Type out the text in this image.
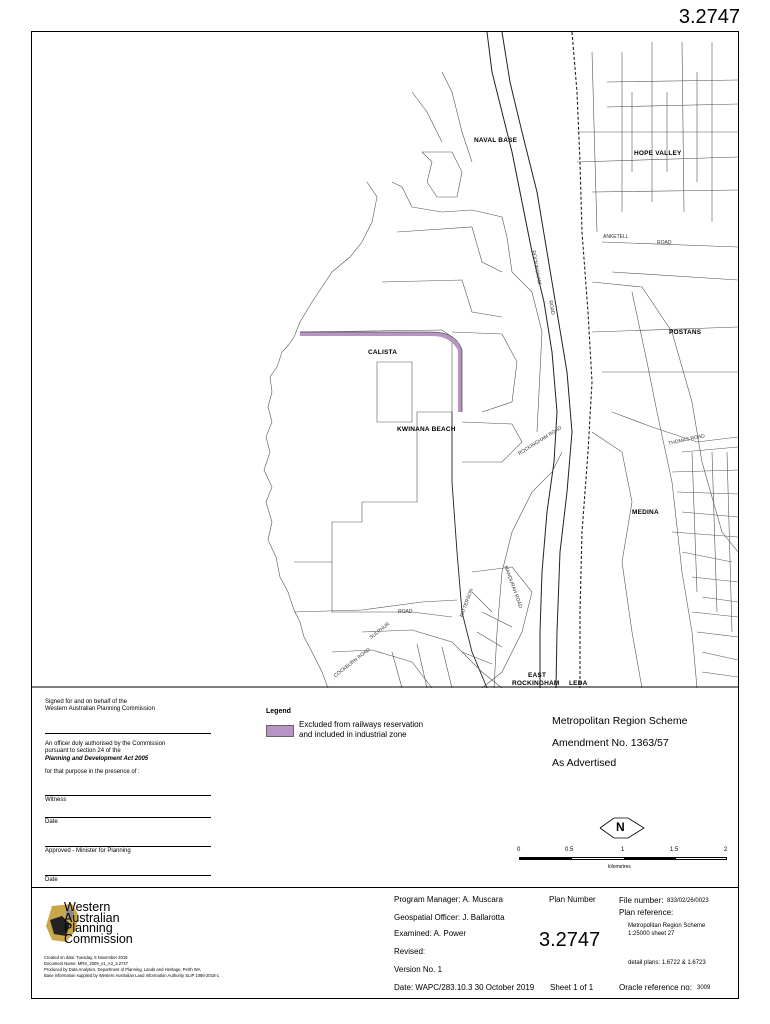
3.2747
NAVAL BASE
HOPE VALLEY
POSTANS
CALISTA
KWINANA BEACH
MEDINA
EAST
ROCKINGHAM LEDA
ROCKINGHAM
ROAD
ANKETELL
ROAD
THOMAS ROAD
ROCKINGHAM ROAD
MANDURAH ROAD
PATTERSON
ROAD
COCKBURN ROAD
SULPHUR
Signed for and on behalf of the
Western Australian Planning Commission
An officer duly authorised by the Commission
pursuant to section 24 of the
Planning and Development Act 2005
for that purpose in the presence of :
Witness
Date
Approved - Minister for Planning
Date
Legend
Excluded from railways reservation
and included in industrial zone
Metropolitan Region Scheme
Amendment No. 1363/57
As Advertised
N
0	0.5	1	1.5	2
kilometres
Western
Australian
Planning
Commission
Created on date: Tuesday, 5 November 2019
Document Name: MRS_2009_v1_A3_3.2747
Produced by Data Analytics, Department of Planning, Lands and Heritage, Perth WA
Base information supplied by Western Australian Land Information Authority SLIP 1086-2018-1
Program Manager: A. Muscara
Geospatial Officer: J. Ballarotta
Examined: A. Power
Revised:
Version No. 1
Date: WAPC/283.10.3 30 October 2019
Plan Number
3.2747
Sheet 1 of 1
File number: 833/02/26/0023
Plan reference:
Metropolitan Region Scheme
1:25000 sheet 27
detail plans: 1.6722 & 1.6723
Oracle reference no: 3009
